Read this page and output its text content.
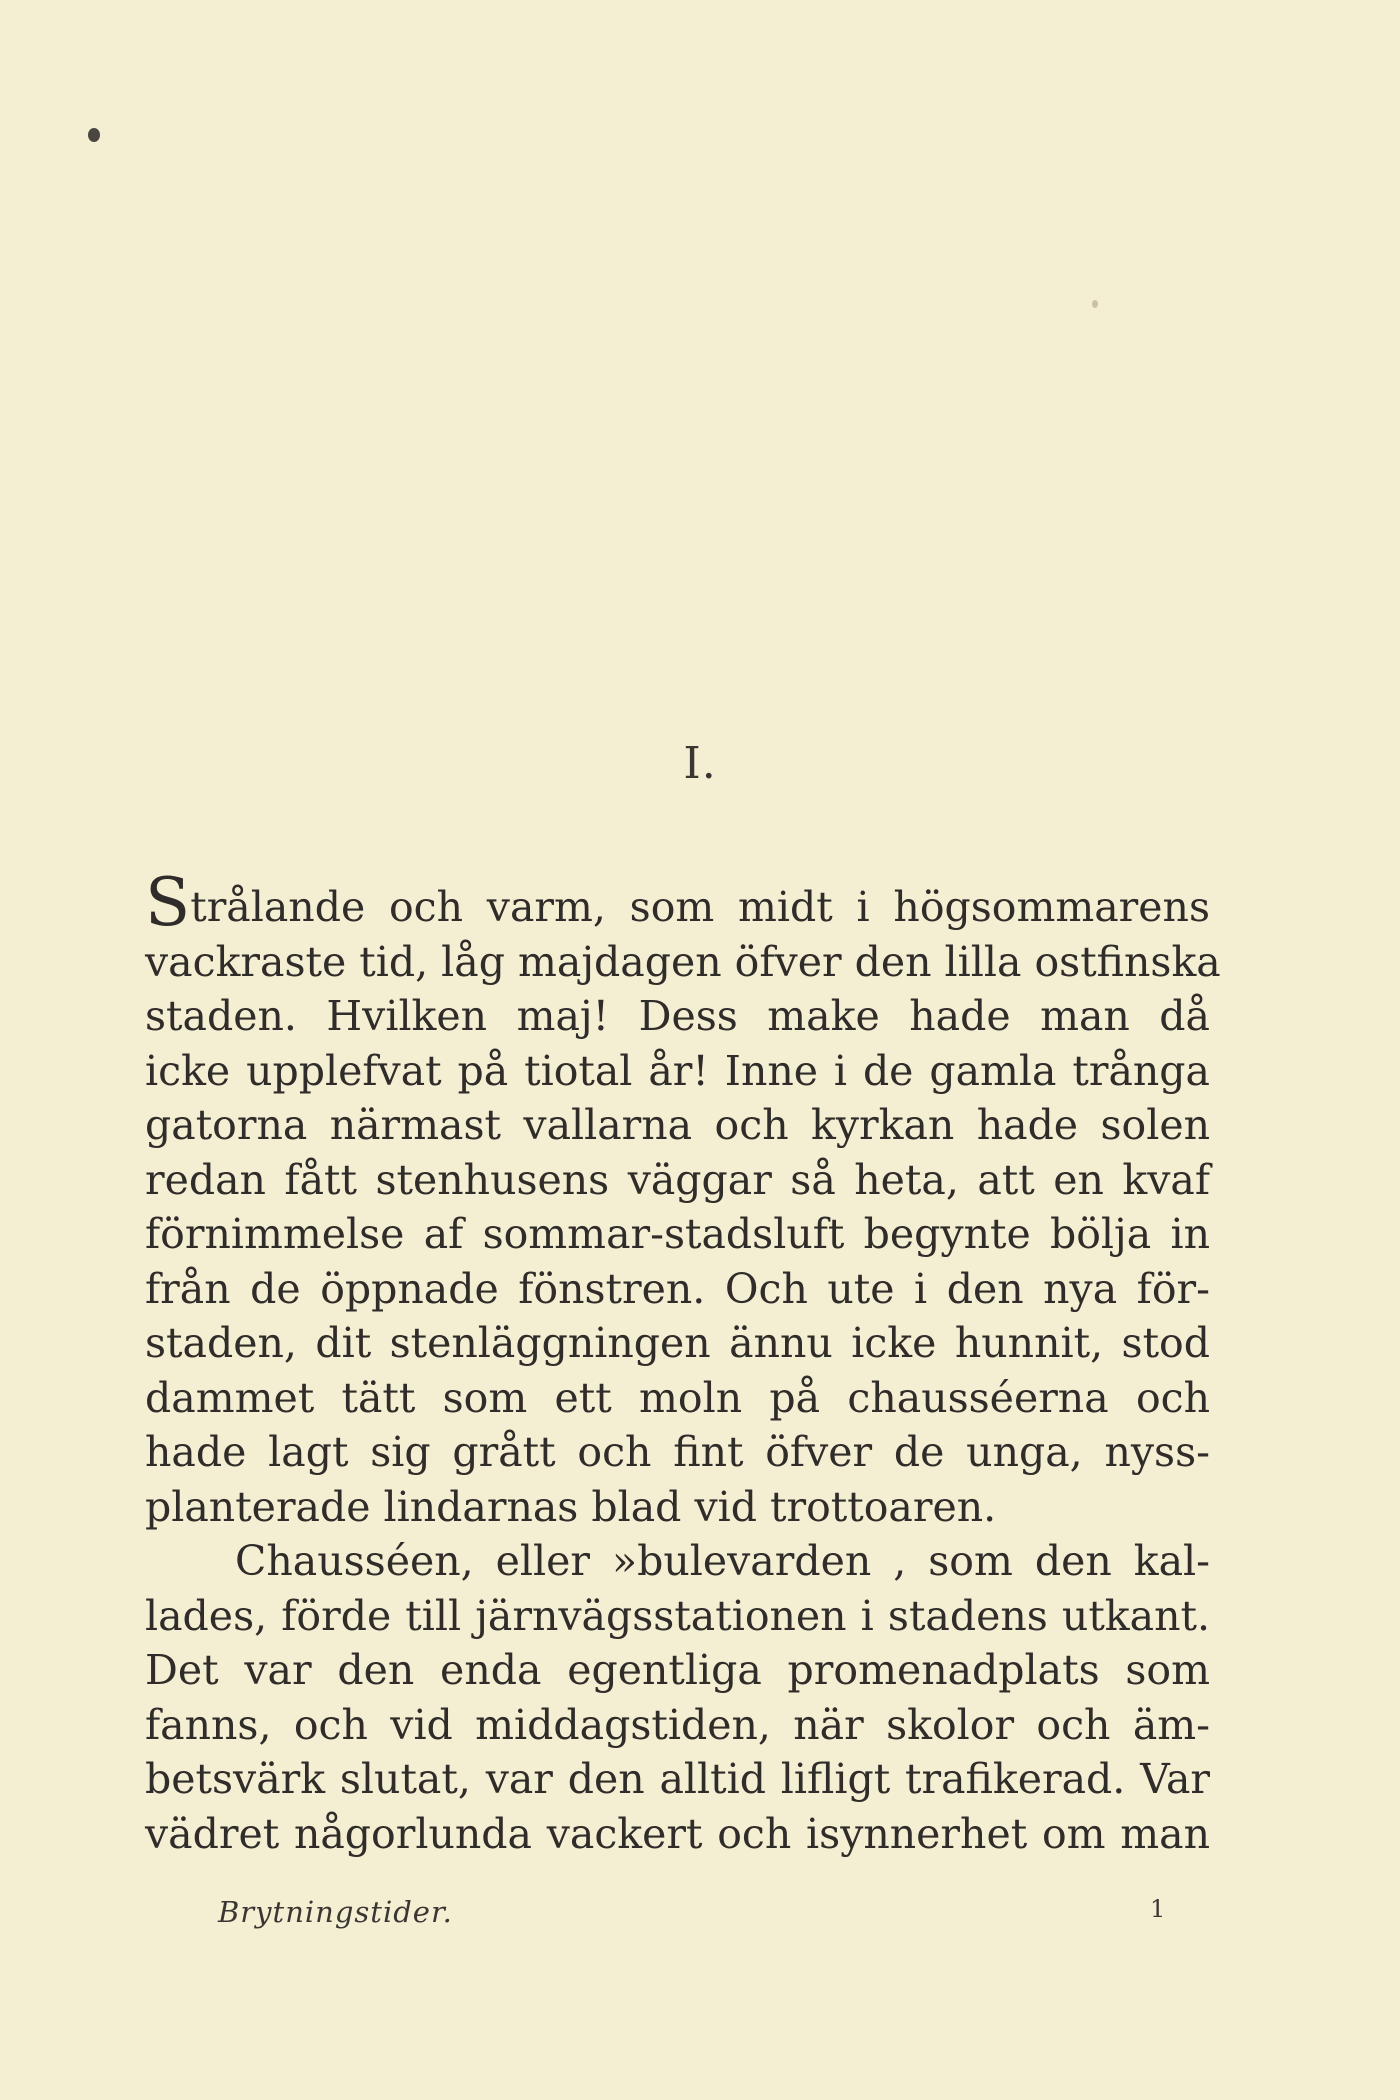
I.
Strålande och varm, som midt i högsommarens
vackraste tid, låg majdagen öfver den lilla ostfinska
staden. Hvilken maj! Dess make hade man då
icke upplefvat på tiotal år! Inne i de gamla trånga
gatorna närmast vallarna och kyrkan hade solen
redan fått stenhusens väggar så heta, att en kvaf
förnimmelse af sommar-stadsluft begynte bölja in
från de öppnade fönstren. Och ute i den nya för-
staden, dit stenläggningen ännu icke hunnit, stod
dammet tätt som ett moln på chausséerna och
hade lagt sig grått och fint öfver de unga, nyss-
planterade lindarnas blad vid trottoaren.
Chausséen, eller »bulevarden , som den kal-
lades, förde till järnvägsstationen i stadens utkant.
Det var den enda egentliga promenadplats som
fanns, och vid middagstiden, när skolor och äm-
betsvärk slutat, var den alltid lifligt trafikerad. Var
vädret någorlunda vackert och isynnerhet om man
Brytningstider.	1
